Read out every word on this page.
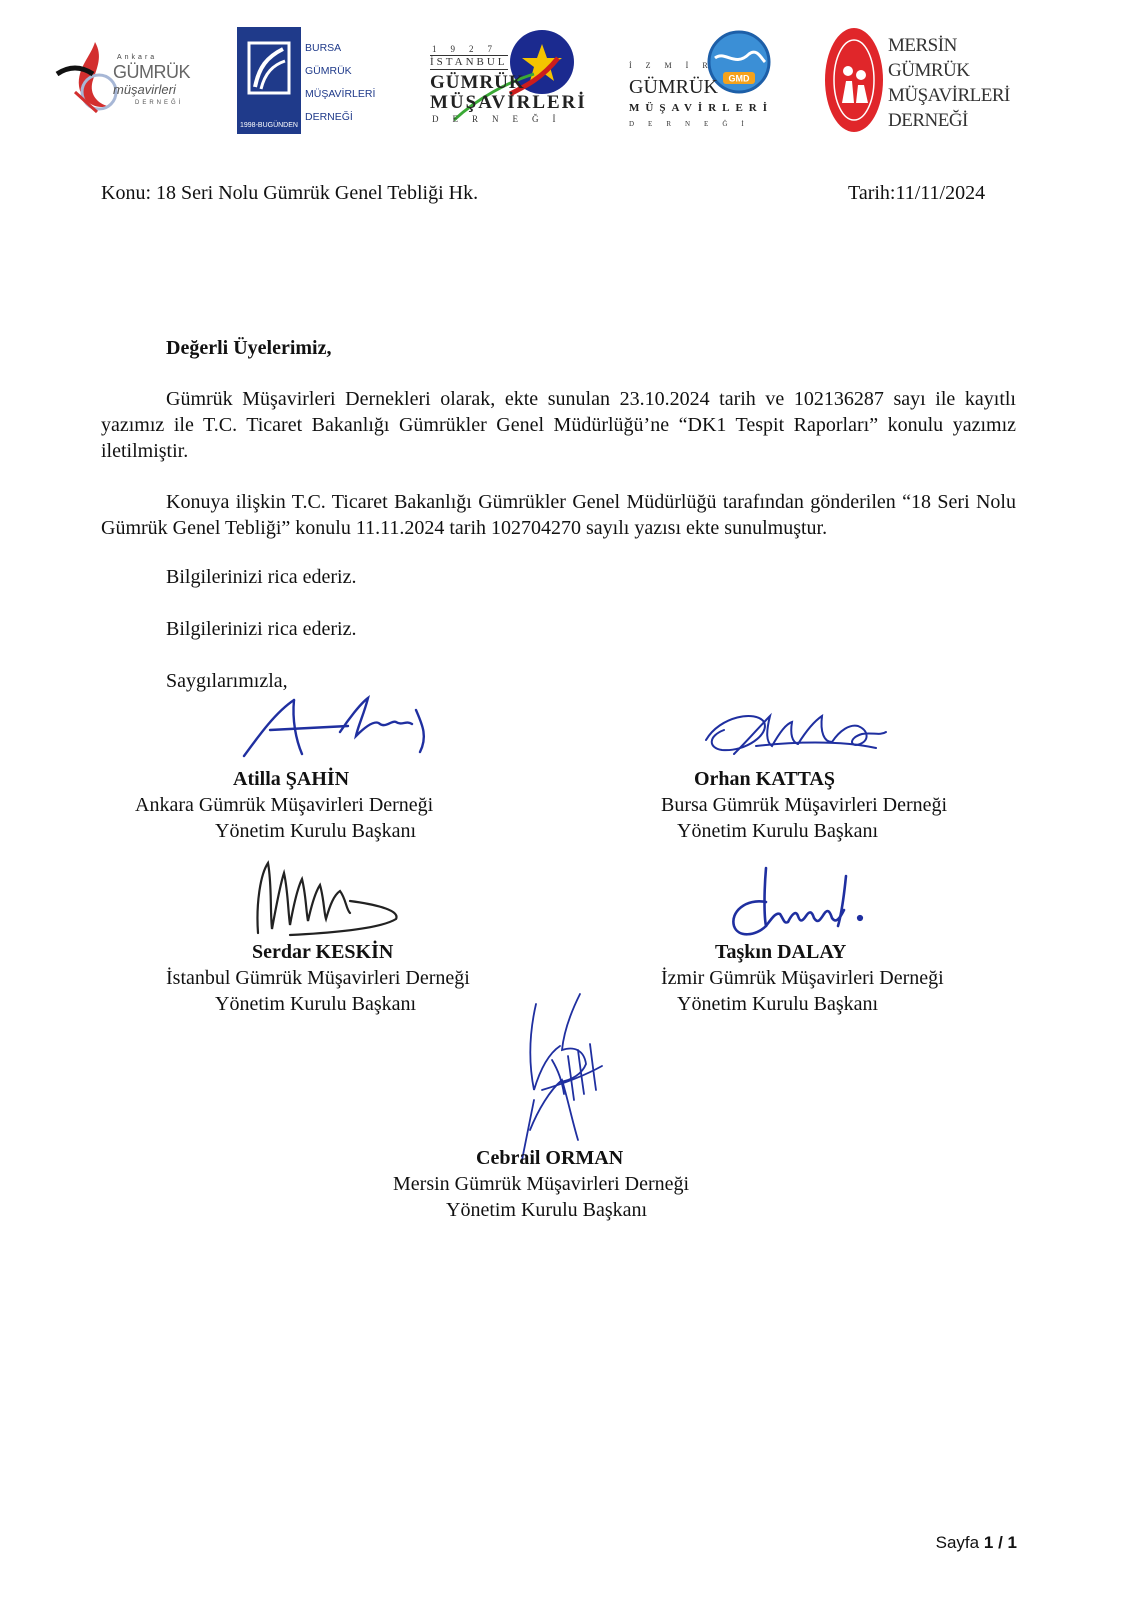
Ankara
GÜMRÜK
müşavirleri
DERNEĞİ
1998-BUGÜNDEN
BURSA
GÜMRÜK
MÜŞAVİRLERİ
DERNEĞİ
1927
İSTANBUL
GÜMRÜK
MÜŞAVİRLERİ
DERNEĞİ
GMD
İZMİR
GÜMRÜK
MÜŞAVİRLERİ
DERNEĞİ
MERSİN
GÜMRÜK
MÜŞAVİRLERİ
DERNEĞİ
Konu: 18 Seri Nolu Gümrük Genel Tebliği Hk.	Tarih:11/11/2024
Değerli Üyelerimiz,

Gümrük Müşavirleri Dernekleri olarak, ekte sunulan 23.10.2024 tarih ve 102136287 sayı ile kayıtlı yazımız ile T.C. Ticaret Bakanlığı Gümrükler Genel Müdürlüğü’ne “DK1 Tespit Raporları” konulu yazımız iletilmiştir.

Konuya ilişkin T.C. Ticaret Bakanlığı Gümrükler Genel Müdürlüğü tarafından gönderilen “18 Seri Nolu Gümrük Genel Tebliği” konulu 11.11.2024 tarih 102704270 sayılı yazısı ekte sunulmuştur.

Bilgilerinizi rica ederiz.
Bilgilerinizi rica ederiz.
Saygılarımızla,
Atilla ŞAHİN
Ankara Gümrük Müşavirleri Derneği
Yönetim Kurulu Başkanı
Orhan KATTAŞ
Bursa Gümrük Müşavirleri Derneği
Yönetim Kurulu Başkanı
Serdar KESKİN
İstanbul Gümrük Müşavirleri Derneği
Yönetim Kurulu Başkanı
Taşkın DALAY
İzmir Gümrük Müşavirleri Derneği
Yönetim Kurulu Başkanı
Cebrail ORMAN
Mersin Gümrük Müşavirleri Derneği
Yönetim Kurulu Başkanı
Sayfa 1 / 1
